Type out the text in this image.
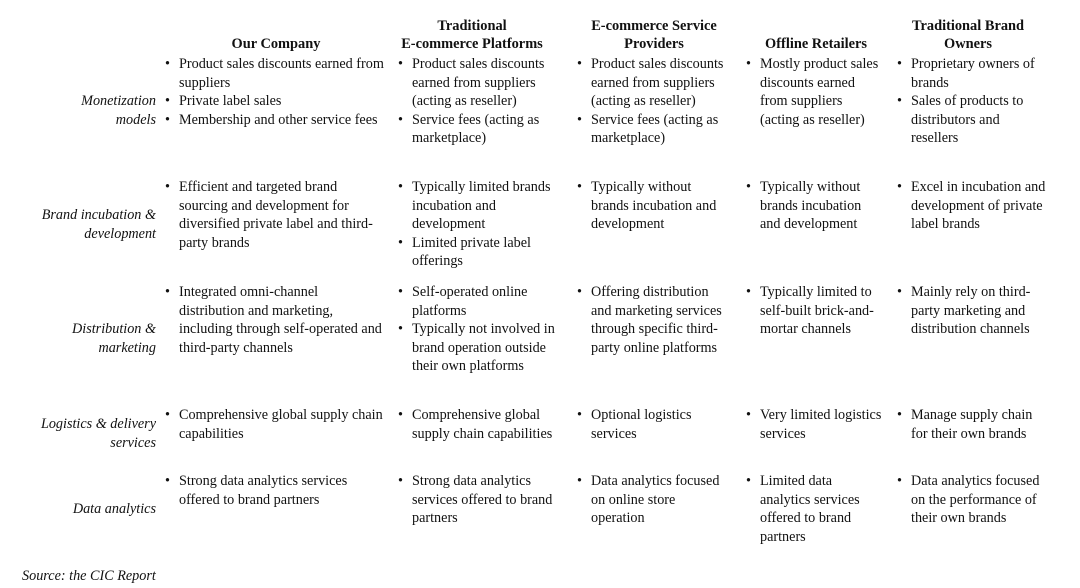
Our Company
Traditional
E-commerce Platforms
E-commerce Service
Providers	Offline Retailers
Traditional Brand
Owners
Monetization
models
Brand incubation &
development
Distribution &
marketing
Logistics & delivery
services
Data analytics
• Product sales discounts earned from suppliers
• Private label sales
• Membership and other service fees
• Product sales discounts earned from suppliers (acting as reseller)
• Service fees (acting as marketplace)
• Product sales discounts earned from suppliers (acting as reseller)
• Service fees (acting as marketplace)
• Mostly product sales discounts earned from suppliers (acting as reseller)
• Proprietary owners of brands
• Sales of products to distributors and resellers
• Efficient and targeted brand sourcing and development for diversified private label and third-party brands
• Typically limited brands incubation and development
• Limited private label offerings
• Typically without brands incubation and development
• Typically without brands incubation and development
• Excel in incubation and development of private label brands
• Integrated omni-channel distribution and marketing, including through self-operated and third-party channels
• Self-operated online platforms
• Typically not involved in brand operation outside their own platforms
• Offering distribution and marketing services through specific third-party online platforms
• Typically limited to self-built brick-and-mortar channels
• Mainly rely on third-party marketing and distribution channels
• Comprehensive global supply chain capabilities
• Comprehensive global supply chain capabilities
• Optional logistics services
• Very limited logistics services
• Manage supply chain for their own brands
• Strong data analytics services offered to brand partners
• Strong data analytics services offered to brand partners
• Data analytics focused on online store operation
• Limited data analytics services offered to brand partners
• Data analytics focused on the performance of their own brands
Source: the CIC Report
